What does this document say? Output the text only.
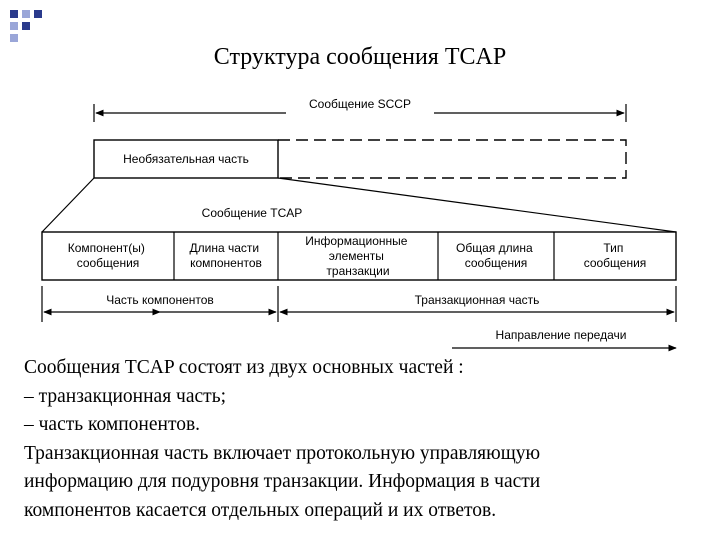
Структура сообщения TCAP
Сообщение SCCP
Необязательная часть
Сообщение TCAP
Компонент(ы) сообщения
Длина части компонентов
Информационные элементы транзакции
Общая длина сообщения
Тип сообщения
Часть компонентов	Транзакционная часть
Направление передачи
Сообщения TCAP состоят из двух основных частей :
– транзакционная часть;
– часть компонентов.
Транзакционная часть включает протокольную управляющую
информацию для подуровня транзакции. Информация в части
компонентов касается отдельных операций и их ответов.
